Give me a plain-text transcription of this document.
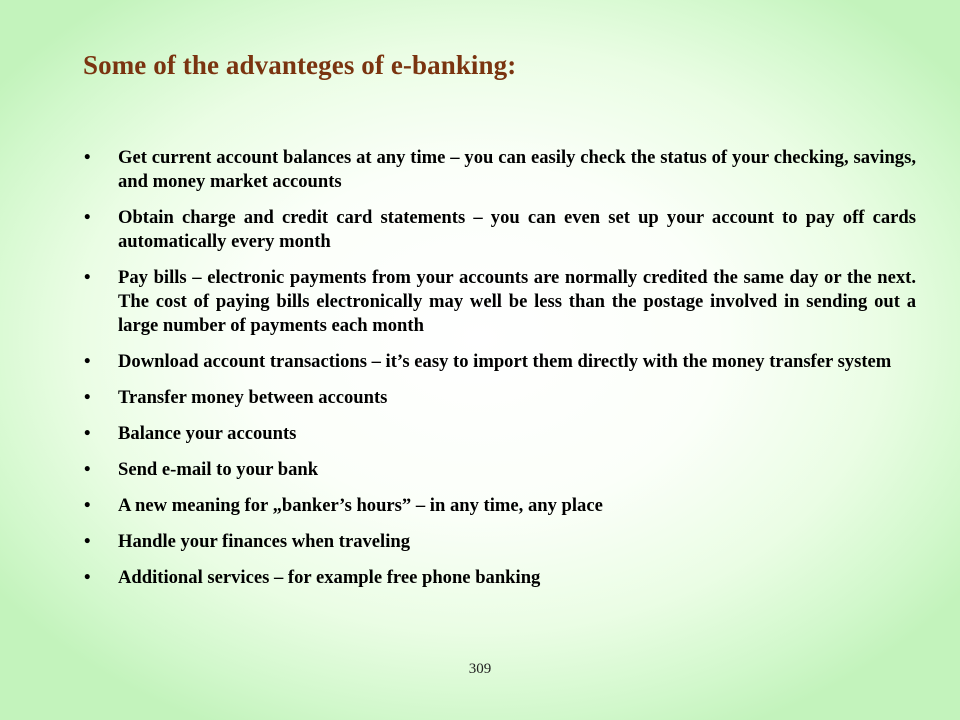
Some of the advanteges of e-banking:
• Get current account balances at any time – you can easily check the status of your checking, savings, and money market accounts
• Obtain charge and credit card statements – you can even set up your account to pay off cards automatically every month
• Pay bills – electronic payments from your accounts are normally credited the same day or the next. The cost of paying bills electronically may well be less than the postage involved in sending out a large number of payments each month
• Download account transactions – it’s easy to import them directly with the money transfer system
• Transfer money between accounts
• Balance your accounts
• Send e-mail to your bank
• A new meaning for „banker’s hours” – in any time, any place
• Handle your finances when traveling
• Additional services – for example free phone banking
309
